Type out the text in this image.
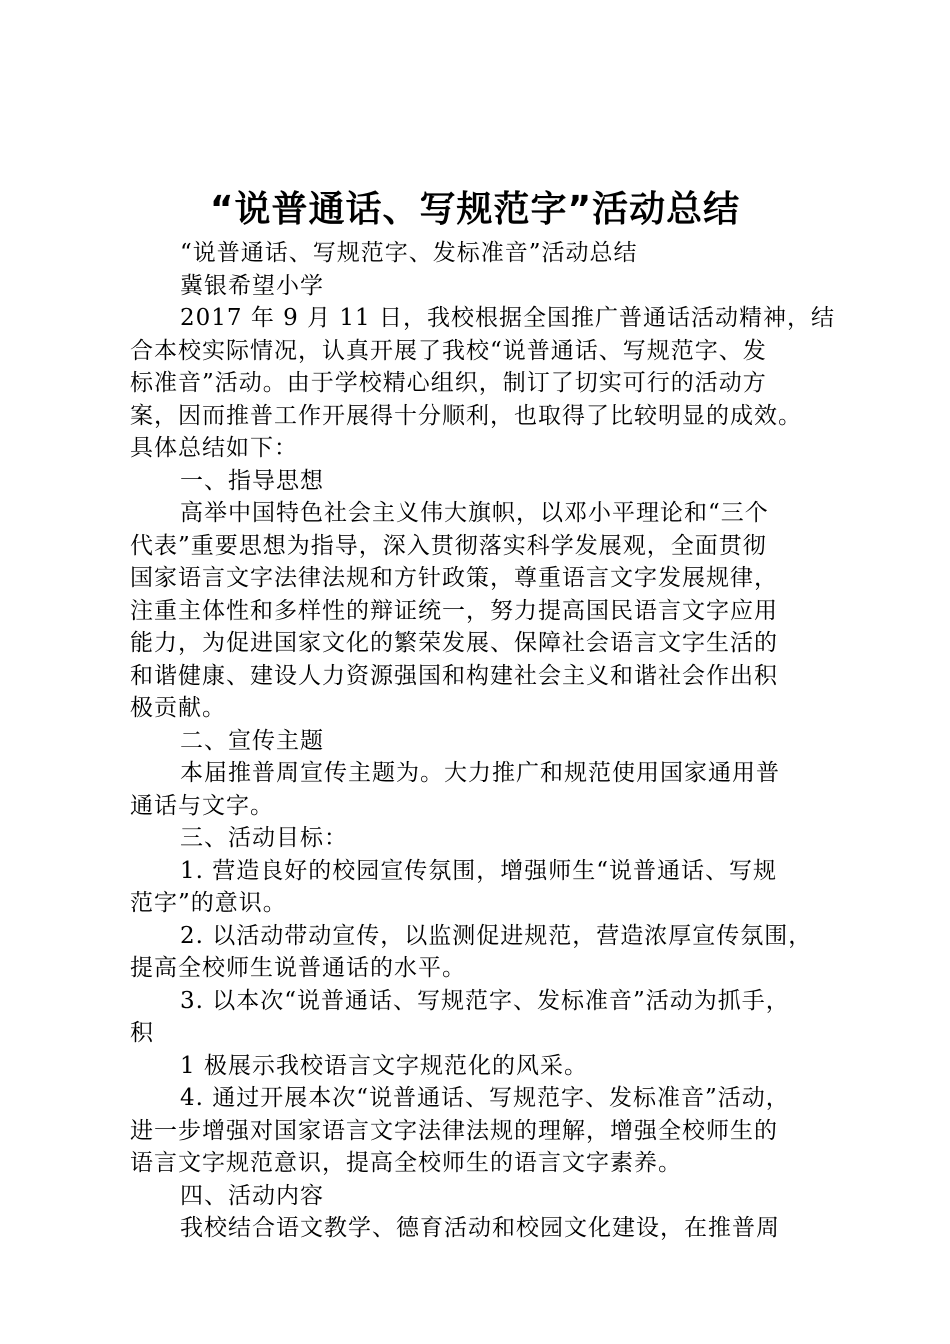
“说普通话、写规范字”活动总结
“说普通话、写规范字、发标准音”活动总结
冀银希望小学
2017 年 9 月 11 日，我校根据全国推广普通话活动精神，结
合本校实际情况，认真开展了我校“说普通话、写规范字、发
标准音”活动。由于学校精心组织，制订了切实可行的活动方
案，因而推普工作开展得十分顺利，也取得了比较明显的成效。
具体总结如下：
一、指导思想
高举中国特色社会主义伟大旗帜，以邓小平理论和“三个
代表”重要思想为指导，深入贯彻落实科学发展观，全面贯彻
国家语言文字法律法规和方针政策，尊重语言文字发展规律，
注重主体性和多样性的辩证统一，努力提高国民语言文字应用
能力，为促进国家文化的繁荣发展、保障社会语言文字生活的
和谐健康、建设人力资源强国和构建社会主义和谐社会作出积
极贡献。
二、宣传主题
本届推普周宣传主题为。大力推广和规范使用国家通用普
通话与文字。
三、活动目标：
1. 营造良好的校园宣传氛围，增强师生“说普通话、写规
范字”的意识。
2. 以活动带动宣传，以监测促进规范，营造浓厚宣传氛围，
提高全校师生说普通话的水平。
3. 以本次“说普通话、写规范字、发标准音”活动为抓手，
积
1 极展示我校语言文字规范化的风采。
4. 通过开展本次“说普通话、写规范字、发标准音”活动，
进一步增强对国家语言文字法律法规的理解，增强全校师生的
语言文字规范意识，提高全校师生的语言文字素养。
四、活动内容
我校结合语文教学、德育活动和校园文化建设，在推普周
